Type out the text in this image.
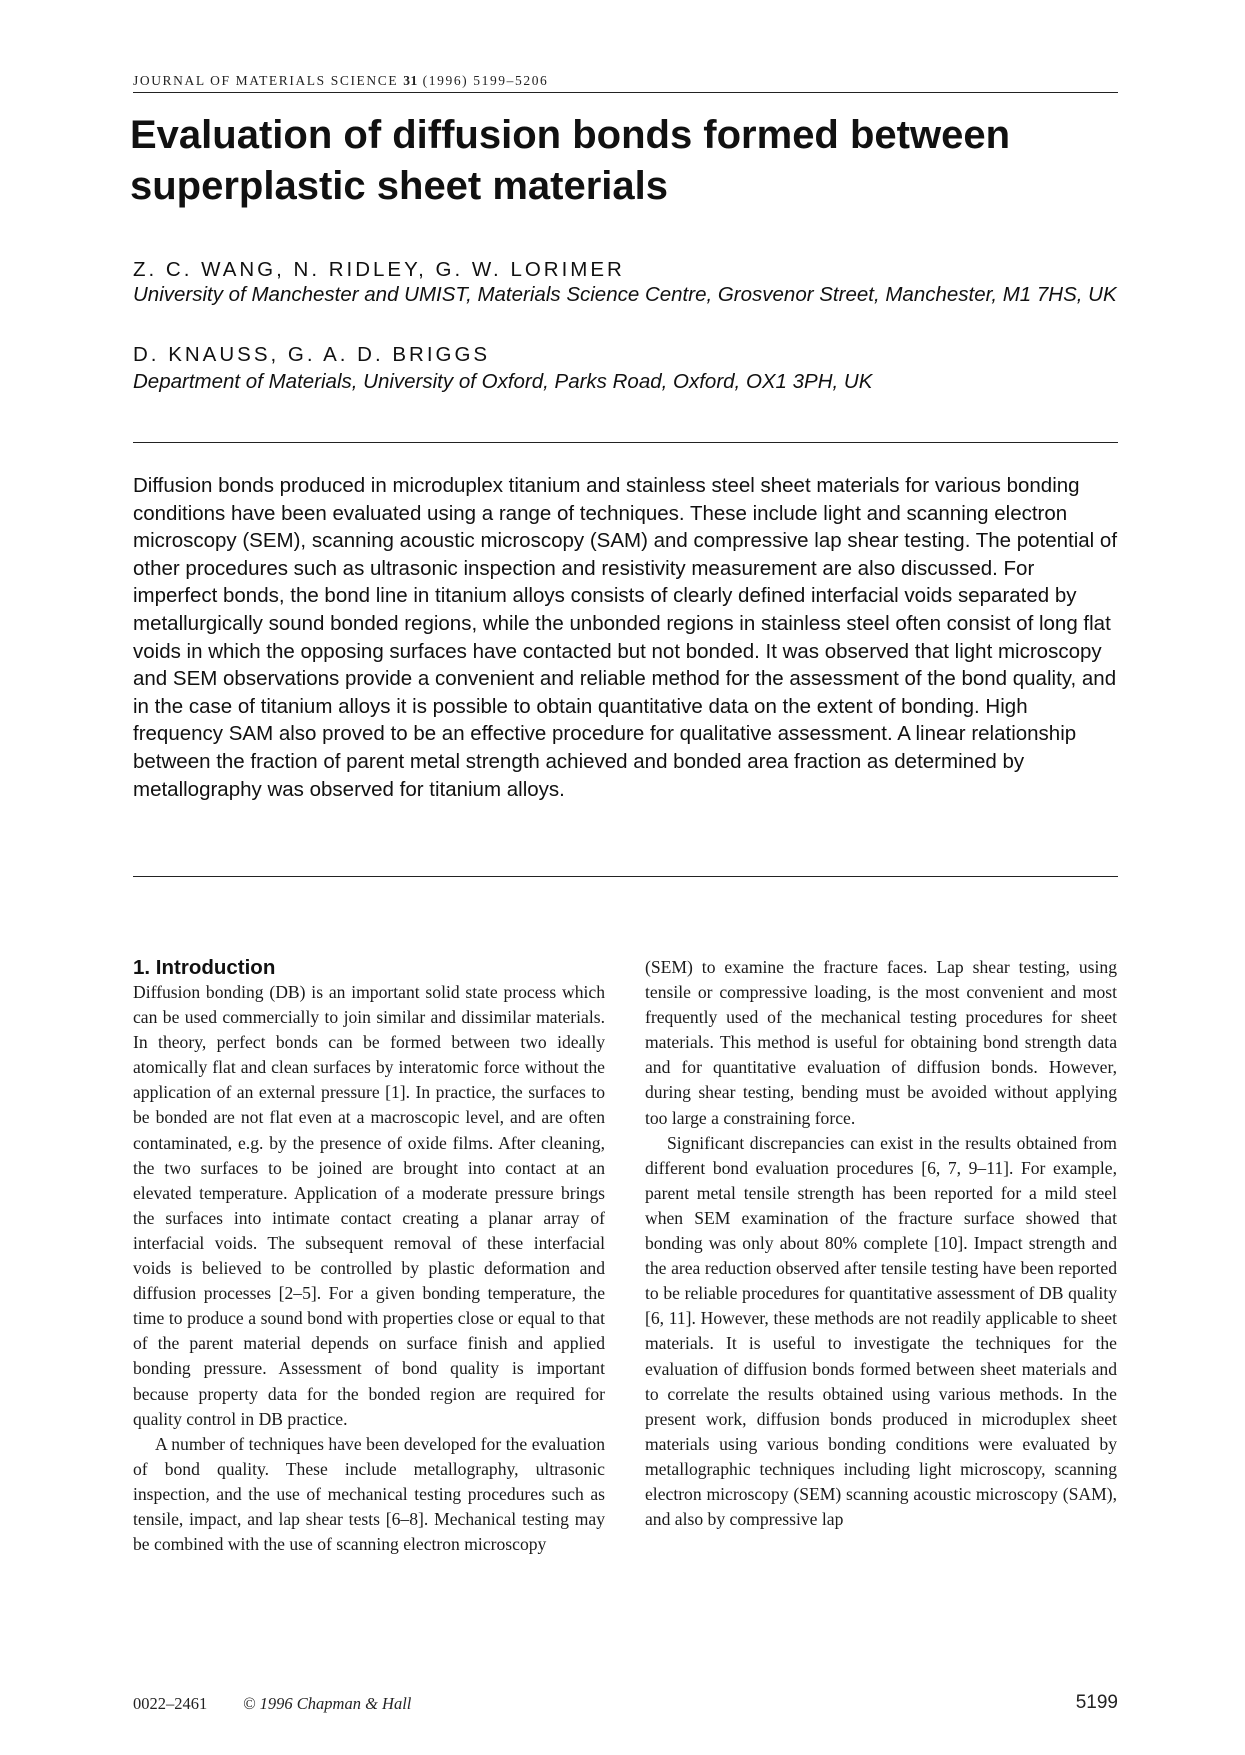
JOURNAL OF MATERIALS SCIENCE 31 (1996) 5199–5206
Evaluation of diffusion bonds formed between superplastic sheet materials
Z. C. WANG, N. RIDLEY, G. W. LORIMER
University of Manchester and UMIST, Materials Science Centre, Grosvenor Street, Manchester, M1 7HS, UK
D. KNAUSS, G. A. D. BRIGGS
Department of Materials, University of Oxford, Parks Road, Oxford, OX1 3PH, UK

Diffusion bonds produced in microduplex titanium and stainless steel sheet materials for various bonding conditions have been evaluated using a range of techniques. These include light and scanning electron microscopy (SEM), scanning acoustic microscopy (SAM) and compressive lap shear testing. The potential of other procedures such as ultrasonic inspection and resistivity measurement are also discussed. For imperfect bonds, the bond line in titanium alloys consists of clearly defined interfacial voids separated by metallurgically sound bonded regions, while the unbonded regions in stainless steel often consist of long flat voids in which the opposing surfaces have contacted but not bonded. It was observed that light microscopy and SEM observations provide a convenient and reliable method for the assessment of the bond quality, and in the case of titanium alloys it is possible to obtain quantitative data on the extent of bonding. High frequency SAM also proved to be an effective procedure for qualitative assessment. A linear relationship between the fraction of parent metal strength achieved and bonded area fraction as determined by metallography was observed for titanium alloys.

1. Introduction

Diffusion bonding (DB) is an important solid state process which can be used commercially to join similar and dissimilar materials. In theory, perfect bonds can be formed between two ideally atomically flat and clean surfaces by interatomic force without the application of an external pressure [1]. In practice, the surfaces to be bonded are not flat even at a macroscopic level, and are often contaminated, e.g. by the presence of oxide films. After cleaning, the two surfaces to be joined are brought into contact at an elevated temperature. Application of a moderate pressure brings the surfaces into intimate contact creating a planar array of interfacial voids. The subsequent removal of these interfacial voids is believed to be controlled by plastic deformation and diffusion processes [2–5]. For a given bonding temperature, the time to produce a sound bond with properties close or equal to that of the parent material depends on surface finish and applied bonding pressure. Assessment of bond quality is important because property data for the bonded region are required for quality control in DB practice.

A number of techniques have been developed for the evaluation of bond quality. These include metallography, ultrasonic inspection, and the use of mechanical testing procedures such as tensile, impact, and lap shear tests [6–8]. Mechanical testing may be combined with the use of scanning electron microscopy

(SEM) to examine the fracture faces. Lap shear testing, using tensile or compressive loading, is the most convenient and most frequently used of the mechanical testing procedures for sheet materials. This method is useful for obtaining bond strength data and for quantitative evaluation of diffusion bonds. However, during shear testing, bending must be avoided without applying too large a constraining force.

Significant discrepancies can exist in the results obtained from different bond evaluation procedures [6, 7, 9–11]. For example, parent metal tensile strength has been reported for a mild steel when SEM examination of the fracture surface showed that bonding was only about 80% complete [10]. Impact strength and the area reduction observed after tensile testing have been reported to be reliable procedures for quantitative assessment of DB quality [6, 11]. However, these methods are not readily applicable to sheet materials. It is useful to investigate the techniques for the evaluation of diffusion bonds formed between sheet materials and to correlate the results obtained using various methods. In the present work, diffusion bonds produced in microduplex sheet materials using various bonding conditions were evaluated by metallographic techniques including light microscopy, scanning electron microscopy (SEM) scanning acoustic microscopy (SAM), and also by compressive lap

0022–2461 © 1996 Chapman & Hall	5199
